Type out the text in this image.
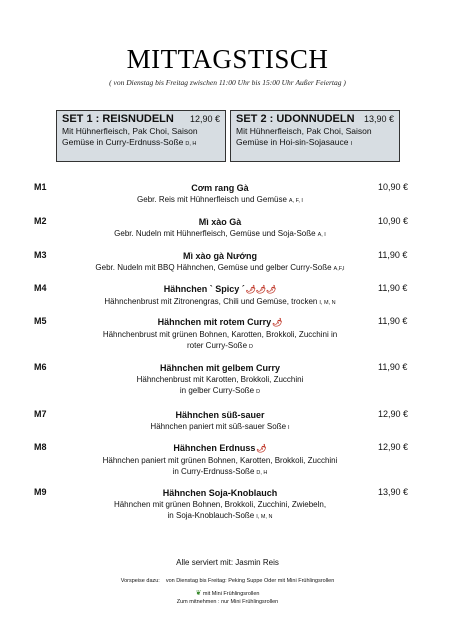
MITTAGSTISCH
( von Dienstag bis Freitag zwischen 11:00 Uhr bis 15:00 Uhr Außer Feiertag )
SET 1 : REISNUDELN 12,90 €
Mit Hühnerfleisch, Pak Choi, Saison
Gemüse in Curry-Erdnuss-Soße D, H
SET 2 : UDONNUDELN 13,90 €
Mit Hühnerfleisch, Pak Choi, Saison
Gemüse in Hoi-sin-Sojasauce I
M1	Cơm rang Gà
Gebr. Reis mit Hühnerfleisch und Gemüse A, F, I
10,90 €
M2	Mì xào Gà
Gebr. Nudeln mit Hühnerfleisch, Gemüse und Soja-Soße A, I
10,90 €
M3	Mì xào gà Nướng
Gebr. Nudeln mit BBQ Hähnchen, Gemüse und gelber Curry-Soße A,F,I
11,90 €
M4	Hähnchen ` Spicy ´🌶🌶🌶
Hähnchenbrust mit Zitronengras, Chili und Gemüse, trocken I, M, N
11,90 €
M5	Hähnchen mit rotem Curry🌶
Hähnchenbrust mit grünen Bohnen, Karotten, Brokkoli, Zucchini in
roter Curry-Soße D
11,90 €
M6	Hähnchen mit gelbem Curry
Hähnchenbrust mit Karotten, Brokkoli, Zucchini
in gelber Curry-Soße D
11,90 €
M7	Hähnchen süß-sauer
Hähnchen paniert mit süß-sauer Soße I
12,90 €
M8	Hähnchen Erdnuss🌶
Hähnchen paniert mit grünen Bohnen, Karotten, Brokkoli, Zucchini
in Curry-Erdnuss-Soße D, H
12,90 €
M9	Hähnchen Soja-Knoblauch
Hähnchen mit grünen Bohnen, Brokkoli, Zucchini, Zwiebeln,
in Soja-Knoblauch-Soße I, M, N
13,90 €
Alle serviert mit: Jasmin Reis
Vorspeise dazu: von Dienstag bis Freitag: Peking Suppe Oder mit Mini Frühlingsrollen
❦ mit Mini Frühlingsrollen
Zum mitnehmen : nur Mini Frühlingsrollen
